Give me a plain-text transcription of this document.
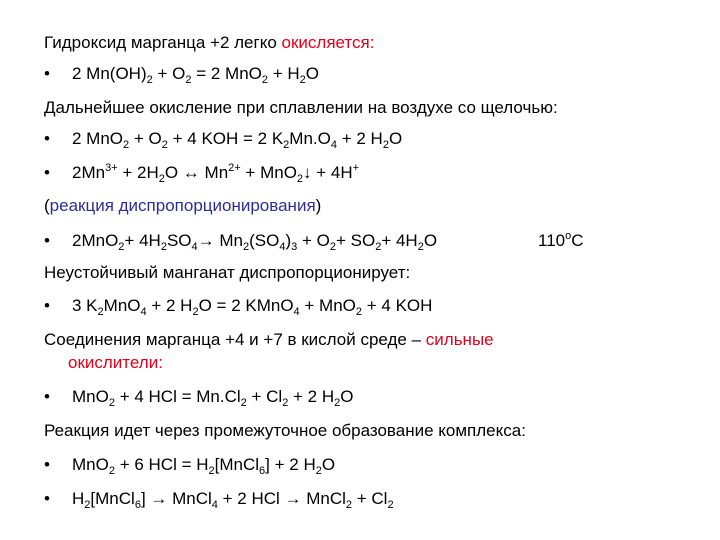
Гидроксид марганца +2 легко окисляется:
• 2 $Mn(OH)_2 + O_2 = 2$ $MnO_2 + H_2O$
Дальнейшее окисление при сплавлении на воздухе со щелочью:
• 2 $MnO_2 + O_2 + 4$ KOH = 2 $K_2Mn.O_4 + 2$ $H_2O$
• $2Mn^{3+} + 2H_2O$ ↔ $Mn^{2+}$ + MnO$_2$↓ + 4H+
(реакция диспропорционирования)
• $2MnO_2+ 4H_2SO_4\to Mn_2(SO_4)_3 + O_2+ SO_2+ 4H_2O$	110$^o$C
Неустойчивый манганат диспропорционирует:
• 3 $K_2MnO_4 + 2$ $H_2O = 2$ KMnO$_4$ + MnO$_2$ + 4 KOH
Соединения марганца +4 и +7 в кислой среде – сильные
окислители:
• MnO$_2$ + 4 HCl = $Mn.Cl_2 + Cl_2 + 2$ $H_2O$
Реакция идет через промежуточное образование комплекса:
• MnO$_2$ + 6 HCl = $H_2[MnCl_6] + 2$ $H_2O$
• $H_2[MnCl_6]$ → MnCl$_4$ + 2 HCl → MnCl$_2$ + $Cl_2$
